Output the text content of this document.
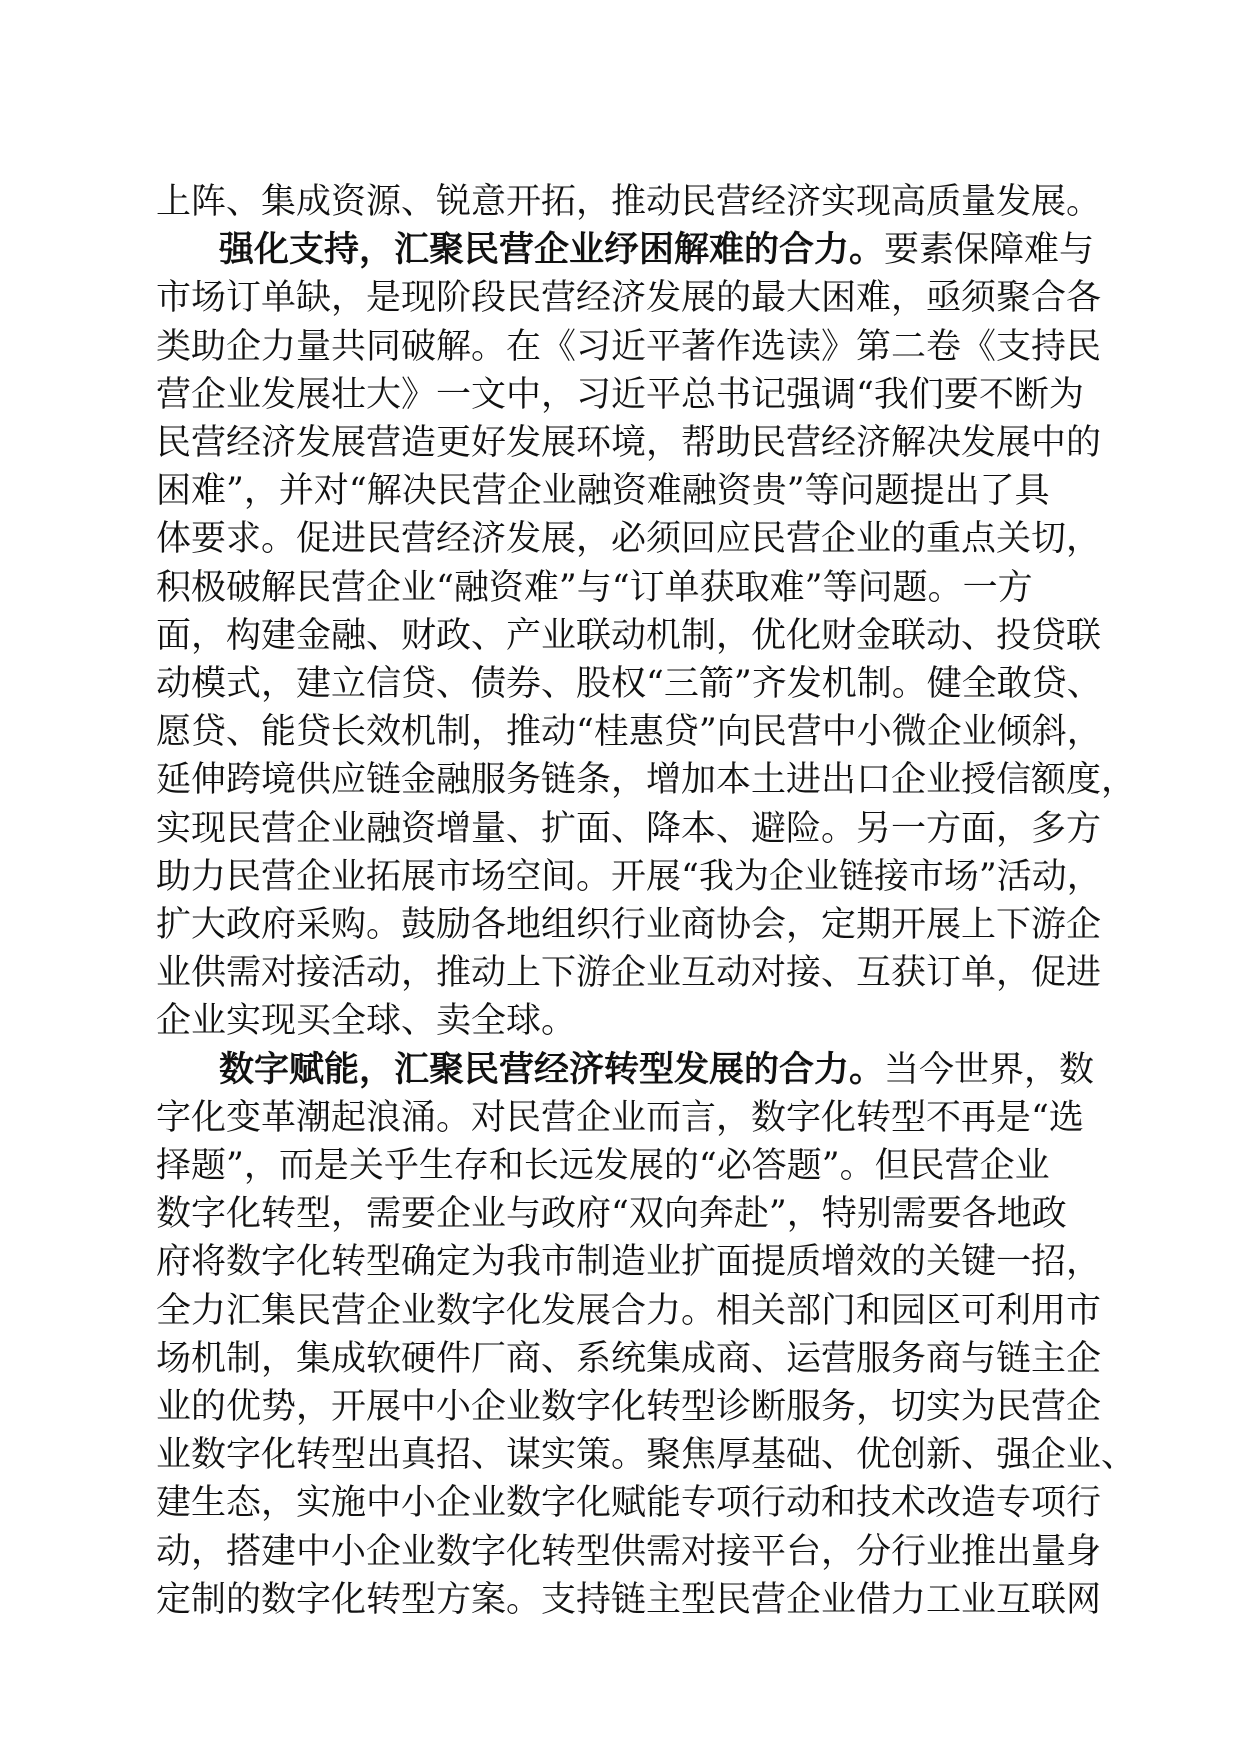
上阵、集成资源、锐意开拓，推动民营经济实现高质量发展。
强化支持，汇聚民营企业纾困解难的合力。要素保障难与
市场订单缺，是现阶段民营经济发展的最大困难，亟须聚合各
类助企力量共同破解。在《习近平著作选读》第二卷《支持民
营企业发展壮大》一文中，习近平总书记强调“我们要不断为
民营经济发展营造更好发展环境，帮助民营经济解决发展中的
困难”，并对“解决民营企业融资难融资贵”等问题提出了具
体要求。促进民营经济发展，必须回应民营企业的重点关切，
积极破解民营企业“融资难”与“订单获取难”等问题。一方
面，构建金融、财政、产业联动机制，优化财金联动、投贷联
动模式，建立信贷、债券、股权“三箭”齐发机制。健全敢贷、
愿贷、能贷长效机制，推动“桂惠贷”向民营中小微企业倾斜，
延伸跨境供应链金融服务链条，增加本土进出口企业授信额度，
实现民营企业融资增量、扩面、降本、避险。另一方面，多方
助力民营企业拓展市场空间。开展“我为企业链接市场”活动，
扩大政府采购。鼓励各地组织行业商协会，定期开展上下游企
业供需对接活动，推动上下游企业互动对接、互获订单，促进
企业实现买全球、卖全球。
数字赋能，汇聚民营经济转型发展的合力。当今世界，数
字化变革潮起浪涌。对民营企业而言，数字化转型不再是“选
择题”，而是关乎生存和长远发展的“必答题”。但民营企业
数字化转型，需要企业与政府“双向奔赴”，特别需要各地政
府将数字化转型确定为我市制造业扩面提质增效的关键一招，
全力汇集民营企业数字化发展合力。相关部门和园区可利用市
场机制，集成软硬件厂商、系统集成商、运营服务商与链主企
业的优势，开展中小企业数字化转型诊断服务，切实为民营企
业数字化转型出真招、谋实策。聚焦厚基础、优创新、强企业、
建生态，实施中小企业数字化赋能专项行动和技术改造专项行
动，搭建中小企业数字化转型供需对接平台，分行业推出量身
定制的数字化转型方案。支持链主型民营企业借力工业互联网
